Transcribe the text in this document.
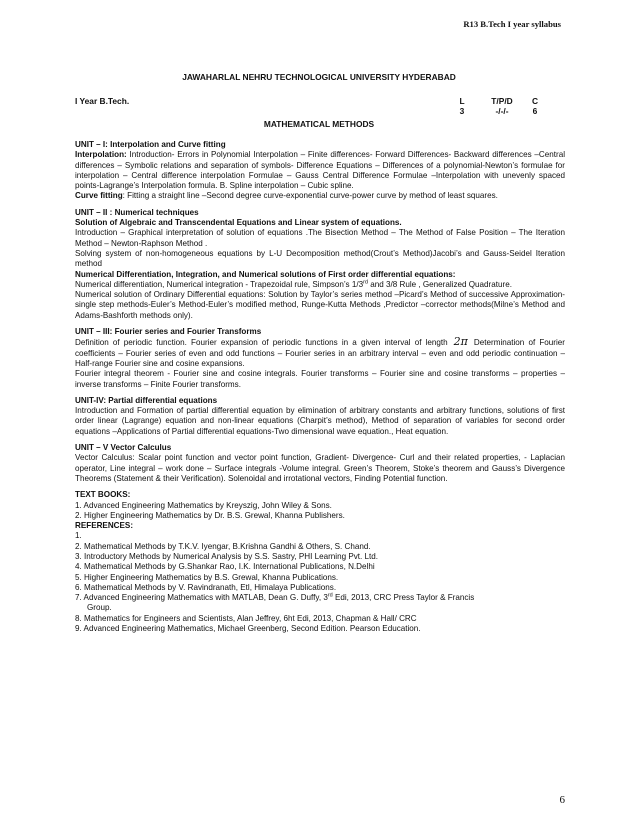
R13 B.Tech I year syllabus
JAWAHARLAL NEHRU TECHNOLOGICAL UNIVERSITY HYDERABAD
I Year B.Tech.	L
3
T/P/D
-/-/-
C
6
MATHEMATICAL METHODS
UNIT – I: Interpolation and Curve fitting

Interpolation: Introduction- Errors in Polynomial Interpolation – Finite differences- Forward Differences- Backward differences –Central differences – Symbolic relations and separation of symbols- Difference Equations – Differences of a polynomial-Newton’s formulae for interpolation – Central difference interpolation Formulae – Gauss Central Difference Formulae –Interpolation with unevenly spaced points-Lagrange’s Interpolation formula. B. Spline interpolation – Cubic spline.

Curve fitting: Fitting a straight line –Second degree curve-exponential curve-power curve by method of least squares.

UNIT – II : Numerical techniques
Solution of Algebraic and Transcendental Equations and Linear system of equations.

Introduction – Graphical interpretation of solution of equations .The Bisection Method – The Method of False Position – The Iteration Method – Newton-Raphson Method .

Solving system of non-homogeneous equations by L-U Decomposition method(Crout’s Method)Jacobi’s and Gauss-Seidel Iteration method

Numerical Differentiation, Integration, and Numerical solutions of First order differential equations:

Numerical differentiation, Numerical integration - Trapezoidal rule, Simpson’s 1/3rd and 3/8 Rule , Generalized Quadrature.

Numerical solution of Ordinary Differential equations: Solution by Taylor’s series method –Picard’s Method of successive Approximation- single step methods-Euler’s Method-Euler’s modified method, Runge-Kutta Methods ,Predictor –corrector methods(Milne’s Method and Adams-Bashforth methods only).

UNIT – III: Fourier series and Fourier Transforms

Definition of periodic function. Fourier expansion of periodic functions in a given interval of length 2π Determination of Fourier coefficients – Fourier series of even and odd functions – Fourier series in an arbitrary interval – even and odd periodic continuation – Half-range Fourier sine and cosine expansions.

Fourier integral theorem - Fourier sine and cosine integrals. Fourier transforms – Fourier sine and cosine transforms – properties – inverse transforms – Finite Fourier transforms.

UNIT-IV: Partial differential equations

Introduction and Formation of partial differential equation by elimination of arbitrary constants and arbitrary functions, solutions of first order linear (Lagrange) equation and non-linear equations (Charpit’s method), Method of separation of variables for second order equations –Applications of Partial differential equations-Two dimensional wave equation., Heat equation.

UNIT – V Vector Calculus

Vector Calculus: Scalar point function and vector point function, Gradient- Divergence- Curl and their related properties, - Laplacian operator, Line integral – work done – Surface integrals -Volume integral. Green’s Theorem, Stoke’s theorem and Gauss’s Divergence Theorems (Statement & their Verification). Solenoidal and irrotational vectors, Finding Potential function.

TEXT BOOKS:
1. Advanced Engineering Mathematics by Kreyszig, John Wiley & Sons.
2. Higher Engineering Mathematics by Dr. B.S. Grewal, Khanna Publishers.
REFERENCES:
1.
2. Mathematical Methods by T.K.V. Iyengar, B.Krishna Gandhi & Others, S. Chand.
3. Introductory Methods by Numerical Analysis by S.S. Sastry, PHI Learning Pvt. Ltd.
4. Mathematical Methods by G.Shankar Rao, I.K. International Publications, N.Delhi
5. Higher Engineering Mathematics by B.S. Grewal, Khanna Publications.
6. Mathematical Methods by V. Ravindranath, Etl, Himalaya Publications.
7. Advanced Engineering Mathematics with MATLAB, Dean G. Duffy, 3rd Edi, 2013, CRC Press Taylor & Francis
Group.
8. Mathematics for Engineers and Scientists, Alan Jeffrey, 6ht Edi, 2013, Chapman & Hall/ CRC
9. Advanced Engineering Mathematics, Michael Greenberg, Second Edition. Pearson Education.
6
